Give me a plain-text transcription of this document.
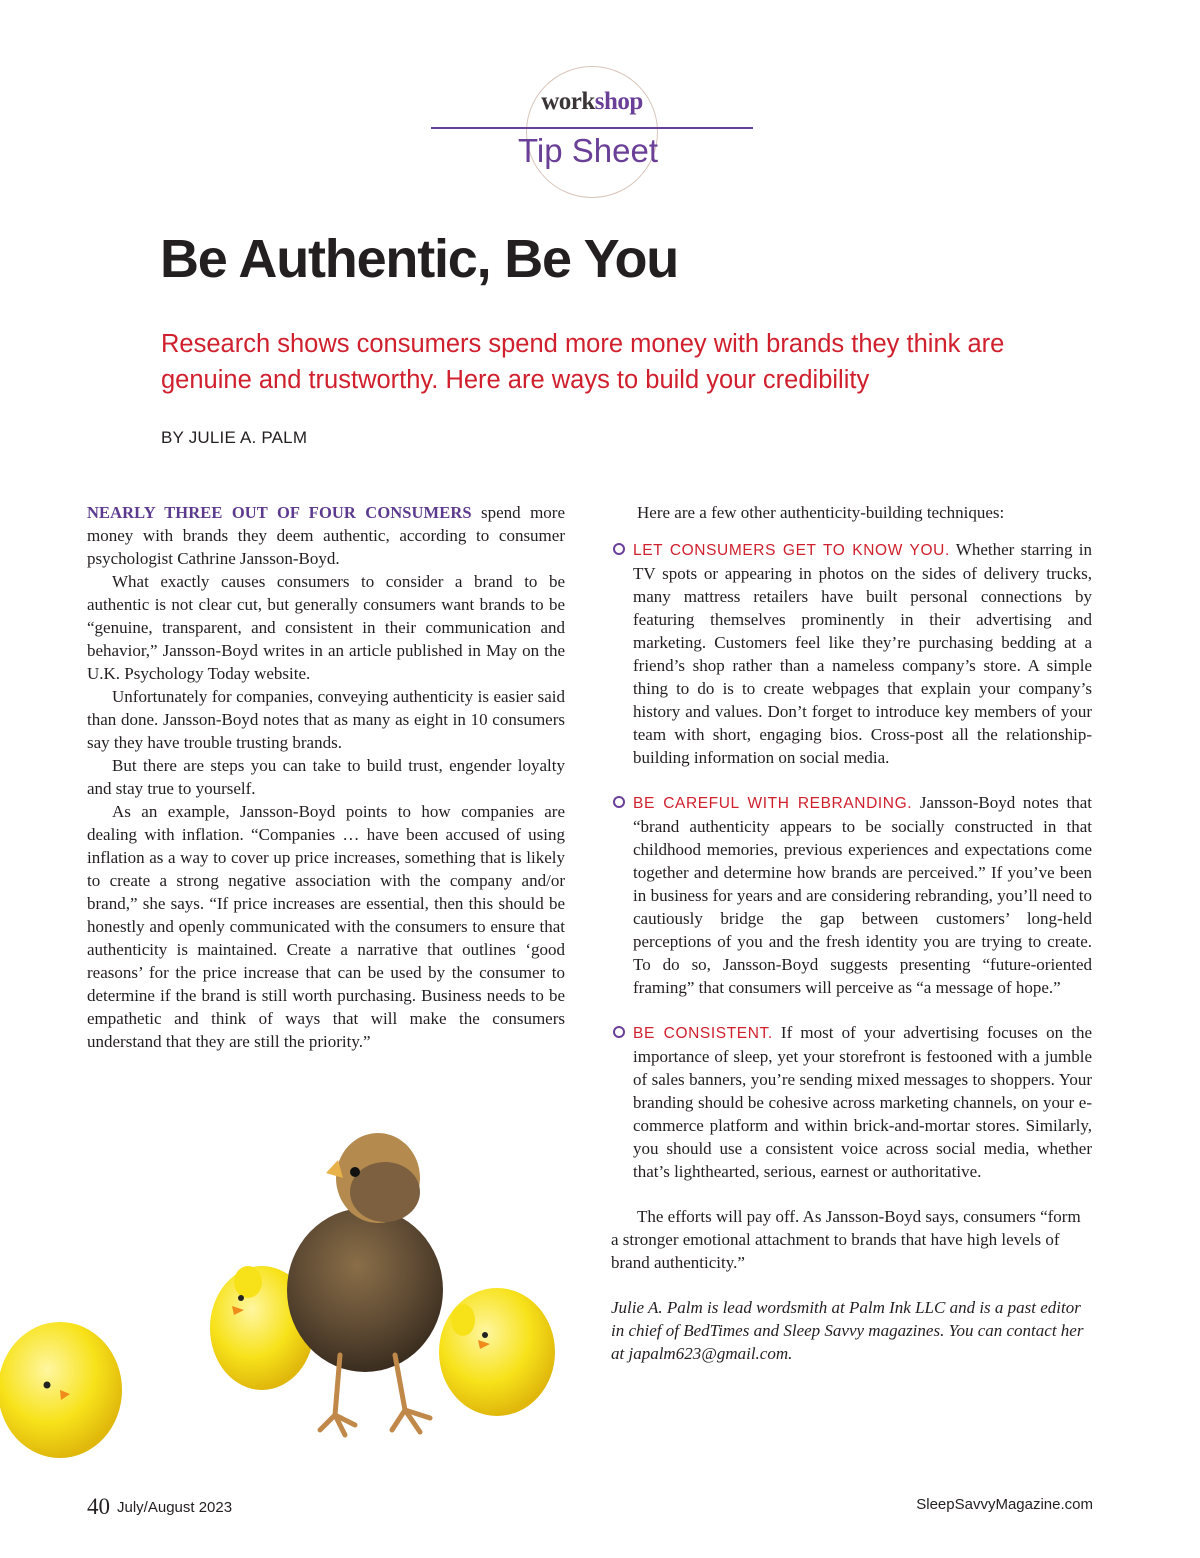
workshop
Tip Sheet
Be Authentic, Be You

Research shows consumers spend more money with brands they think are genuine and trustworthy. Here are ways to build your credibility

BY JULIE A. PALM

NEARLY THREE OUT OF FOUR CONSUMERS spend more money with brands they deem authentic, according to consumer psychologist Cathrine Jansson-Boyd.

What exactly causes consumers to consider a brand to be authentic is not clear cut, but generally consumers want brands to be “genuine, transparent, and consistent in their communication and behavior,” Jansson-Boyd writes in an article published in May on the U.K. Psychology Today website.

Unfortunately for companies, conveying authenticity is easier said than done. Jansson-Boyd notes that as many as eight in 10 consumers say they have trouble trusting brands.

But there are steps you can take to build trust, engender loyalty and stay true to yourself.

As an example, Jansson-Boyd points to how companies are dealing with inflation. “Companies … have been accused of using inflation as a way to cover up price increases, something that is likely to create a strong negative association with the company and/or brand,” she says. “If price increases are essential, then this should be honestly and openly communicated with the consumers to ensure that authenticity is maintained. Create a narrative that outlines ‘good reasons’ for the price increase that can be used by the consumer to determine if the brand is still worth purchasing. Business needs to be empathetic and think of ways that will make the consumers understand that they are still the priority.”

Here are a few other authenticity-building techniques:

LET CONSUMERS GET TO KNOW YOU. Whether starring in TV spots or appearing in photos on the sides of delivery trucks, many mattress retailers have built personal connections by featuring themselves prominently in their advertising and marketing. Customers feel like they’re purchasing bedding at a friend’s shop rather than a nameless company’s store. A simple thing to do is to create webpages that explain your company’s history and values. Don’t forget to introduce key members of your team with short, engaging bios. Cross-post all the relationship-building information on social media.

BE CAREFUL WITH REBRANDING. Jansson-Boyd notes that “brand authenticity appears to be socially constructed in that childhood memories, previous experiences and expectations come together and determine how brands are perceived.” If you’ve been in business for years and are considering rebranding, you’ll need to cautiously bridge the gap between customers’ long-held perceptions of you and the fresh identity you are trying to create. To do so, Jansson-Boyd suggests presenting “future-oriented framing” that consumers will perceive as “a message of hope.”

BE CONSISTENT. If most of your advertising focuses on the importance of sleep, yet your storefront is festooned with a jumble of sales banners, you’re sending mixed messages to shoppers. Your branding should be cohesive across marketing channels, on your e-commerce platform and within brick-and-mortar stores. Similarly, you should use a consistent voice across social media, whether that’s lighthearted, serious, earnest or authoritative.

The efforts will pay off. As Jansson-Boyd says, consumers “form a stronger emotional attachment to brands that have high levels of brand authenticity.”

Julie A. Palm is lead wordsmith at Palm Ink LLC and is a past editor in chief of BedTimes and Sleep Savvy magazines. You can contact her at japalm623@gmail.com.

40 July/August 2023	SleepSavvyMagazine.com
